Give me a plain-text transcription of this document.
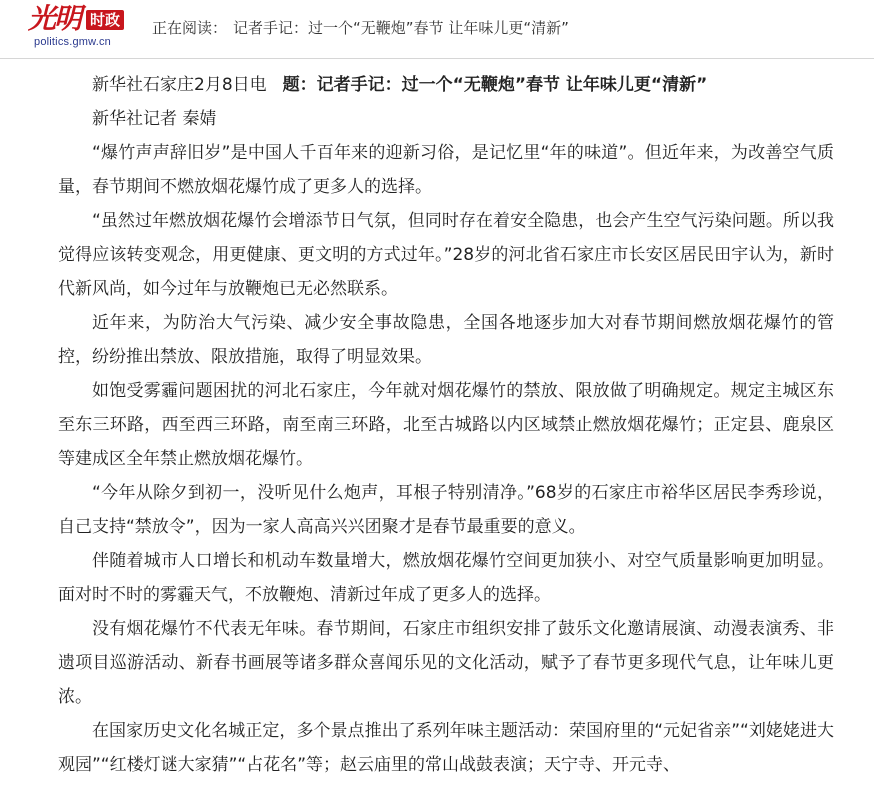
光明 时政
politics.gmw.cn
正在阅读： 记者手记：过一个“无鞭炮”春节 让年味儿更“清新”

新华社石家庄2月8日电 题：记者手记：过一个“无鞭炮”春节 让年味儿更“清新”

新华社记者 秦婧

“爆竹声声辞旧岁”是中国人千百年来的迎新习俗，是记忆里“年的味道”。但近年来，为改善空气质量，春节期间不燃放烟花爆竹成了更多人的选择。

“虽然过年燃放烟花爆竹会增添节日气氛，但同时存在着安全隐患，也会产生空气污染问题。所以我觉得应该转变观念，用更健康、更文明的方式过年。”28岁的河北省石家庄市长安区居民田宇认为，新时代新风尚，如今过年与放鞭炮已无必然联系。

近年来，为防治大气污染、减少安全事故隐患，全国各地逐步加大对春节期间燃放烟花爆竹的管控，纷纷推出禁放、限放措施，取得了明显效果。

如饱受雾霾问题困扰的河北石家庄，今年就对烟花爆竹的禁放、限放做了明确规定。规定主城区东至东三环路，西至西三环路，南至南三环路，北至古城路以内区域禁止燃放烟花爆竹；正定县、鹿泉区等建成区全年禁止燃放烟花爆竹。

“今年从除夕到初一，没听见什么炮声，耳根子特别清净。”68岁的石家庄市裕华区居民李秀珍说，自己支持“禁放令”，因为一家人高高兴兴团聚才是春节最重要的意义。

伴随着城市人口增长和机动车数量增大，燃放烟花爆竹空间更加狭小、对空气质量影响更加明显。面对时不时的雾霾天气，不放鞭炮、清新过年成了更多人的选择。

没有烟花爆竹不代表无年味。春节期间，石家庄市组织安排了鼓乐文化邀请展演、动漫表演秀、非遗项目巡游活动、新春书画展等诸多群众喜闻乐见的文化活动，赋予了春节更多现代气息，让年味儿更浓。

在国家历史文化名城正定，多个景点推出了系列年味主题活动：荣国府里的“元妃省亲”“刘姥姥进大观园”“红楼灯谜大家猜”“占花名”等；赵云庙里的常山战鼓表演；天宁寺、开元寺、
